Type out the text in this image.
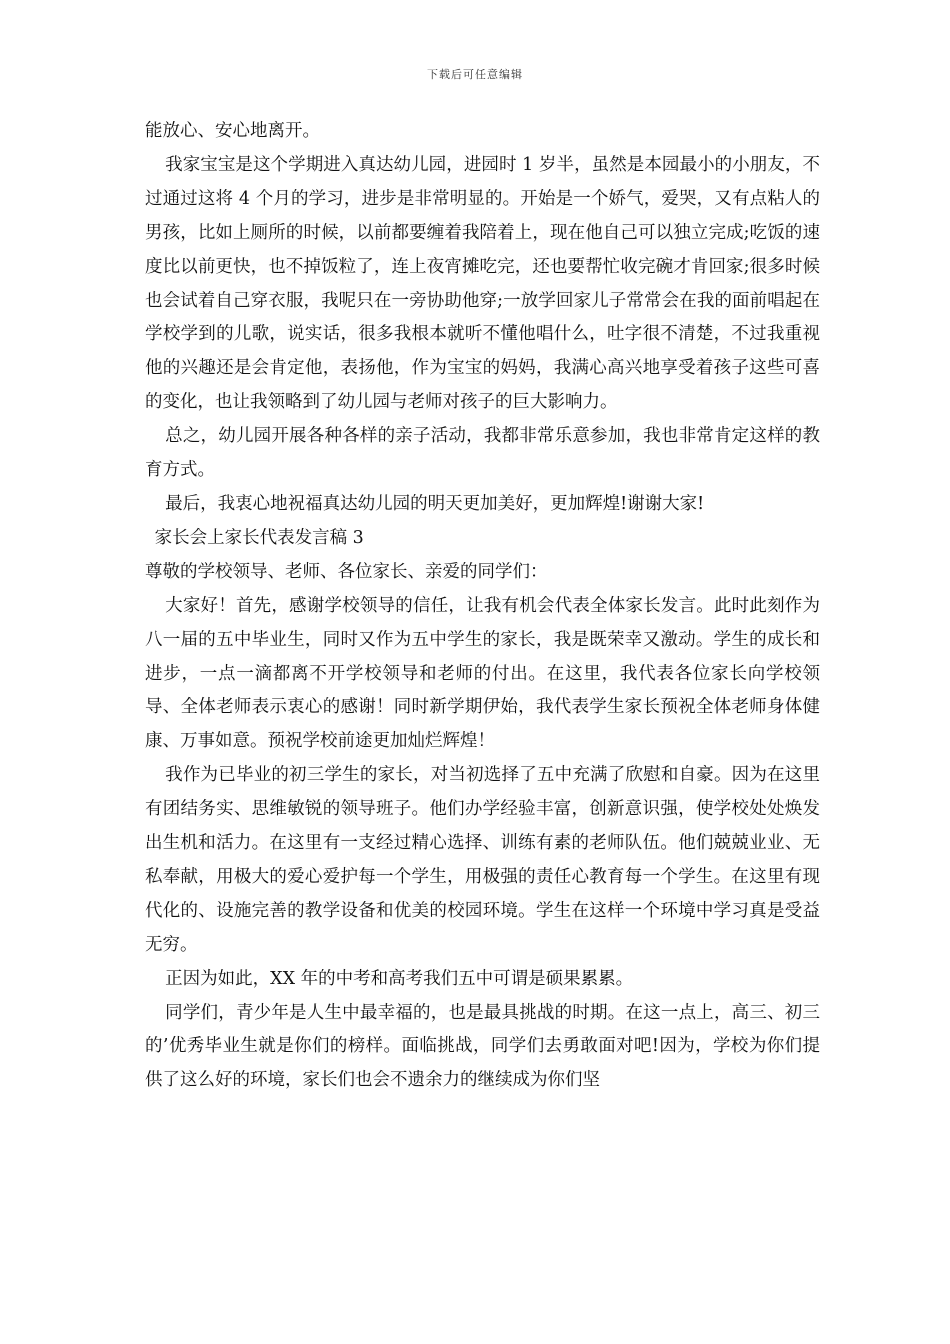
下载后可任意编辑

能放心、安心地离开。

我家宝宝是这个学期进入真达幼儿园，进园时 1 岁半，虽然是本园最小的小朋友，不过通过这将 4 个月的学习，进步是非常明显的。开始是一个娇气，爱哭，又有点粘人的男孩，比如上厕所的时候，以前都要缠着我陪着上，现在他自己可以独立完成;吃饭的速度比以前更快，也不掉饭粒了，连上夜宵摊吃完，还也要帮忙收完碗才肯回家;很多时候也会试着自己穿衣服，我呢只在一旁协助他穿;一放学回家儿子常常会在我的面前唱起在学校学到的儿歌，说实话，很多我根本就听不懂他唱什么，吐字很不清楚，不过我重视他的兴趣还是会肯定他，表扬他，作为宝宝的妈妈，我满心高兴地享受着孩子这些可喜的变化，也让我领略到了幼儿园与老师对孩子的巨大影响力。

总之，幼儿园开展各种各样的亲子活动，我都非常乐意参加，我也非常肯定这样的教育方式。

最后，我衷心地祝福真达幼儿园的明天更加美好，更加辉煌!谢谢大家!

家长会上家长代表发言稿 3

尊敬的学校领导、老师、各位家长、亲爱的同学们：

大家好！首先，感谢学校领导的信任，让我有机会代表全体家长发言。此时此刻作为八一届的五中毕业生，同时又作为五中学生的家长，我是既荣幸又激动。学生的成长和进步，一点一滴都离不开学校领导和老师的付出。在这里，我代表各位家长向学校领导、全体老师表示衷心的感谢！同时新学期伊始，我代表学生家长预祝全体老师身体健康、万事如意。预祝学校前途更加灿烂辉煌！

我作为已毕业的初三学生的家长，对当初选择了五中充满了欣慰和自豪。因为在这里有团结务实、思维敏锐的领导班子。他们办学经验丰富，创新意识强，使学校处处焕发出生机和活力。在这里有一支经过精心选择、训练有素的老师队伍。他们兢兢业业、无私奉献，用极大的爱心爱护每一个学生，用极强的责任心教育每一个学生。在这里有现代化的、设施完善的教学设备和优美的校园环境。学生在这样一个环境中学习真是受益无穷。

正因为如此，XX 年的中考和高考我们五中可谓是硕果累累。

同学们，青少年是人生中最幸福的，也是最具挑战的时期。在这一点上，高三、初三的’优秀毕业生就是你们的榜样。面临挑战，同学们去勇敢面对吧!因为，学校为你们提供了这么好的环境，家长们也会不遗余力的继续成为你们坚
